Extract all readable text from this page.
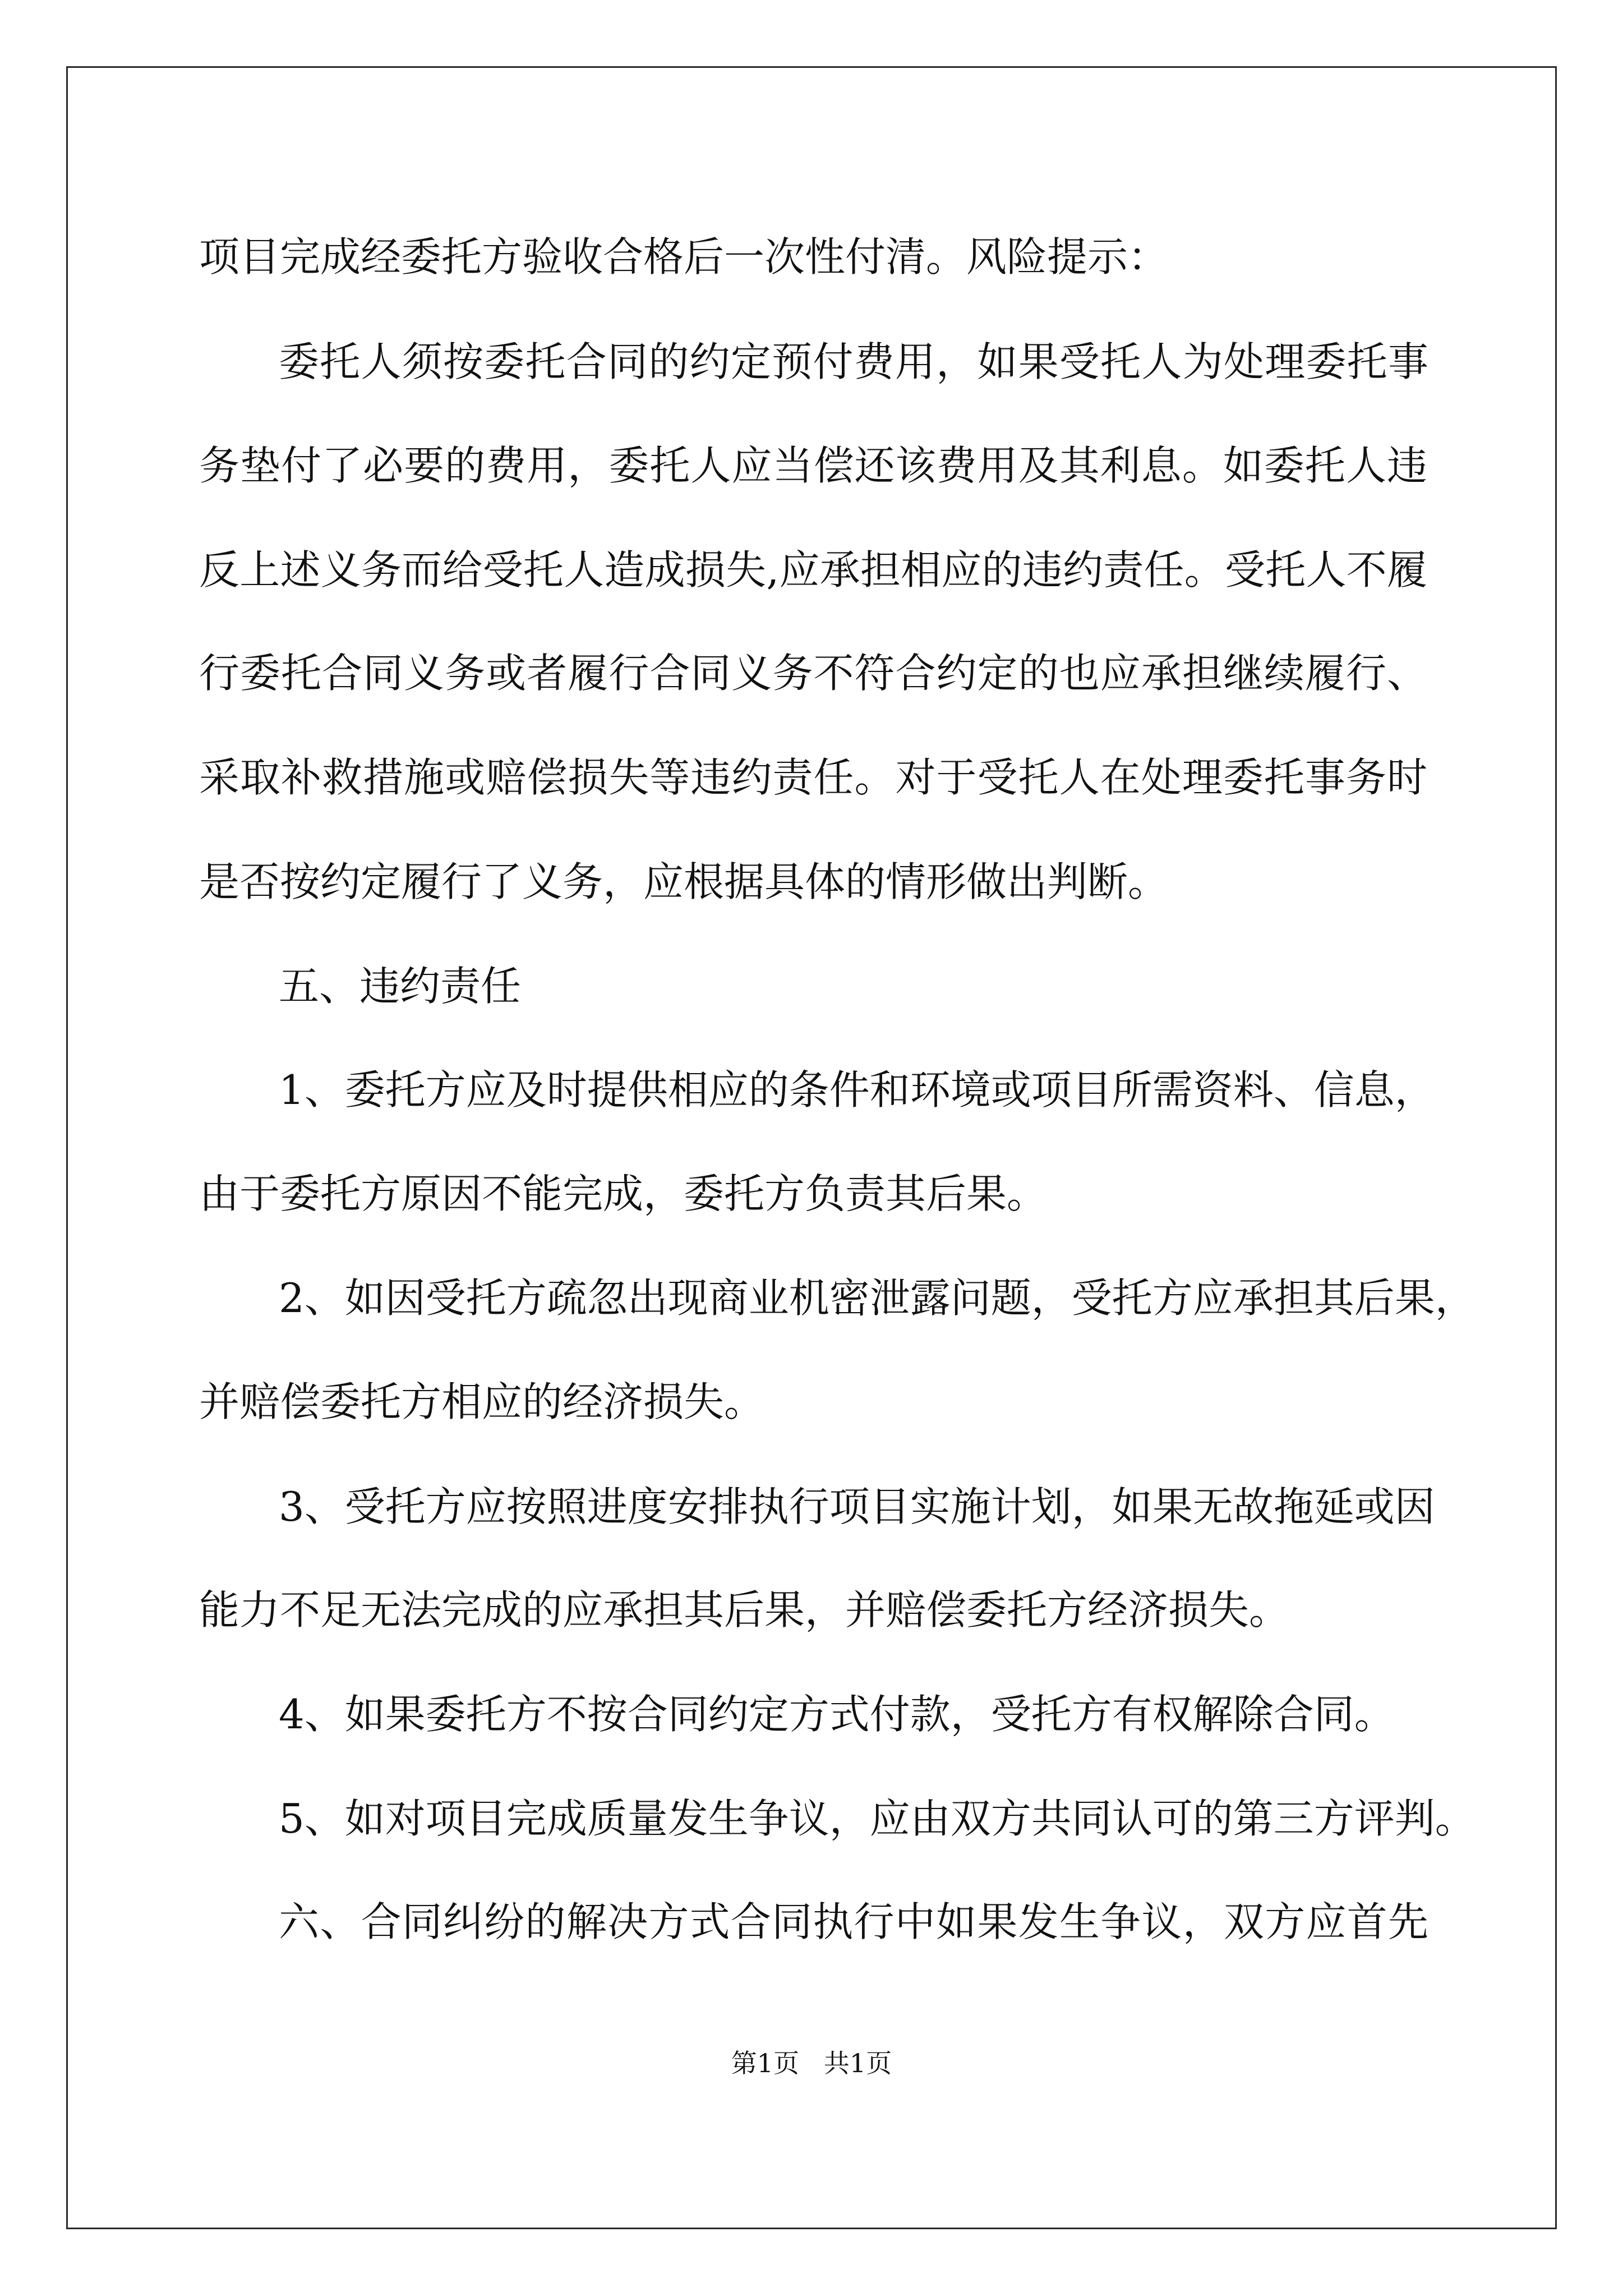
项目完成经委托方验收合格后一次性付清。风险提示：

委托人须按委托合同的约定预付费用，如果受托人为处理委托事

务垫付了必要的费用，委托人应当偿还该费用及其利息。如委托人违

反上述义务而给受托人造成损失,应承担相应的违约责任。受托人不履

行委托合同义务或者履行合同义务不符合约定的也应承担继续履行、

采取补救措施或赔偿损失等违约责任。对于受托人在处理委托事务时

是否按约定履行了义务，应根据具体的情形做出判断。

五、违约责任

1、委托方应及时提供相应的条件和环境或项目所需资料、信息，

由于委托方原因不能完成，委托方负责其后果。

2、如因受托方疏忽出现商业机密泄露问题，受托方应承担其后果，

并赔偿委托方相应的经济损失。

3、受托方应按照进度安排执行项目实施计划，如果无故拖延或因

能力不足无法完成的应承担其后果，并赔偿委托方经济损失。

4、如果委托方不按合同约定方式付款，受托方有权解除合同。

5、如对项目完成质量发生争议，应由双方共同认可的第三方评判。

六、合同纠纷的解决方式合同执行中如果发生争议，双方应首先

第1页   共1页
